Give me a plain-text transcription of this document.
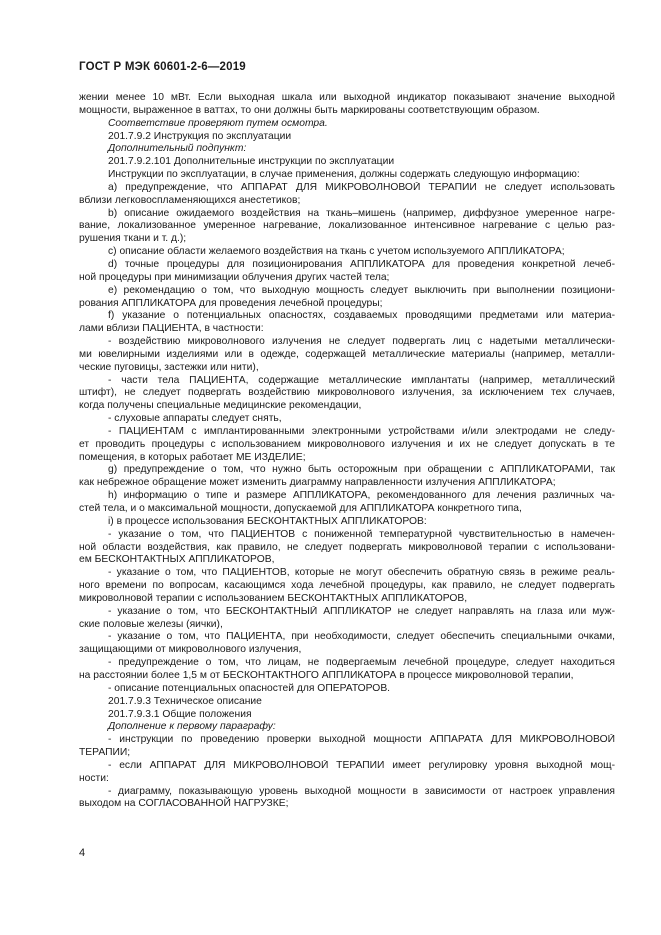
ГОСТ Р МЭК 60601-2-6—2019
жении менее 10 мВт. Если выходная шкала или выходной индикатор показывают значение выходной
мощности, выраженное в ваттах, то они должны быть маркированы соответствующим образом.
Соответствие проверяют путем осмотра.
201.7.9.2 Инструкция по эксплуатации
Дополнительный подпункт:
201.7.9.2.101 Дополнительные инструкции по эксплуатации
Инструкции по эксплуатации, в случае применения, должны содержать следующую информацию:
a) предупреждение, что АППАРАТ ДЛЯ МИКРОВОЛНОВОЙ ТЕРАПИИ не следует использовать
вблизи легковоспламеняющихся анестетиков;
b) описание ожидаемого воздействия на ткань–мишень (например, диффузное умеренное нагре-
вание, локализованное умеренное нагревание, локализованное интенсивное нагревание с целью раз-
рушения ткани и т. д.);
c) описание области желаемого воздействия на ткань с учетом используемого АППЛИКАТОРА;
d) точные процедуры для позиционирования АППЛИКАТОРА для проведения конкретной лечеб-
ной процедуры при минимизации облучения других частей тела;
e) рекомендацию о том, что выходную мощность следует выключить при выполнении позициони-
рования АППЛИКАТОРА для проведения лечебной процедуры;
f) указание о потенциальных опасностях, создаваемых проводящими предметами или материа-
лами вблизи ПАЦИЕНТА, в частности:
- воздействию микроволнового излучения не следует подвергать лиц с надетыми металлически-
ми ювелирными изделиями или в одежде, содержащей металлические материалы (например, металли-
ческие пуговицы, застежки или нити),
- части тела ПАЦИЕНТА, содержащие металлические имплантаты (например, металлический
штифт), не следует подвергать воздействию микроволнового излучения, за исключением тех случаев,
когда получены специальные медицинские рекомендации,
- слуховые аппараты следует снять,
- ПАЦИЕНТАМ с имплантированными электронными устройствами и/или электродами не следу-
ет проводить процедуры с использованием микроволнового излучения и их не следует допускать в те
помещения, в которых работает МЕ ИЗДЕЛИЕ;
g) предупреждение о том, что нужно быть осторожным при обращении с АППЛИКАТОРАМИ, так
как небрежное обращение может изменить диаграмму направленности излучения АППЛИКАТОРА;
h) информацию о типе и размере АППЛИКАТОРА, рекомендованного для лечения различных ча-
стей тела, и о максимальной мощности, допускаемой для АППЛИКАТОРА конкретного типа,
i) в процессе использования БЕСКОНТАКТНЫХ АППЛИКАТОРОВ:
- указание о том, что ПАЦИЕНТОВ с пониженной температурной чувствительностью в намечен-
ной области воздействия, как правило, не следует подвергать микроволновой терапии с использовани-
ем БЕСКОНТАКТНЫХ АППЛИКАТОРОВ,
- указание о том, что ПАЦИЕНТОВ, которые не могут обеспечить обратную связь в режиме реаль-
ного времени по вопросам, касающимся хода лечебной процедуры, как правило, не следует подвергать
микроволновой терапии с использованием БЕСКОНТАКТНЫХ АППЛИКАТОРОВ,
- указание о том, что БЕСКОНТАКТНЫЙ АППЛИКАТОР не следует направлять на глаза или муж-
ские половые железы (яички),
- указание о том, что ПАЦИЕНТА, при необходимости, следует обеспечить специальными очками,
защищающими от микроволнового излучения,
- предупреждение о том, что лицам, не подвергаемым лечебной процедуре, следует находиться
на расстоянии более 1,5 м от БЕСКОНТАКТНОГО АППЛИКАТОРА в процессе микроволновой терапии,
- описание потенциальных опасностей для ОПЕРАТОРОВ.
201.7.9.3 Техническое описание
201.7.9.3.1 Общие положения
Дополнение к первому параграфу:
- инструкции по проведению проверки выходной мощности АППАРАТА ДЛЯ МИКРОВОЛНОВОЙ
ТЕРАПИИ;
- если АППАРАТ ДЛЯ МИКРОВОЛНОВОЙ ТЕРАПИИ имеет регулировку уровня выходной мощ-
ности:
- диаграмму, показывающую уровень выходной мощности в зависимости от настроек управления
выходом на СОГЛАСОВАННОЙ НАГРУЗКЕ;
4
